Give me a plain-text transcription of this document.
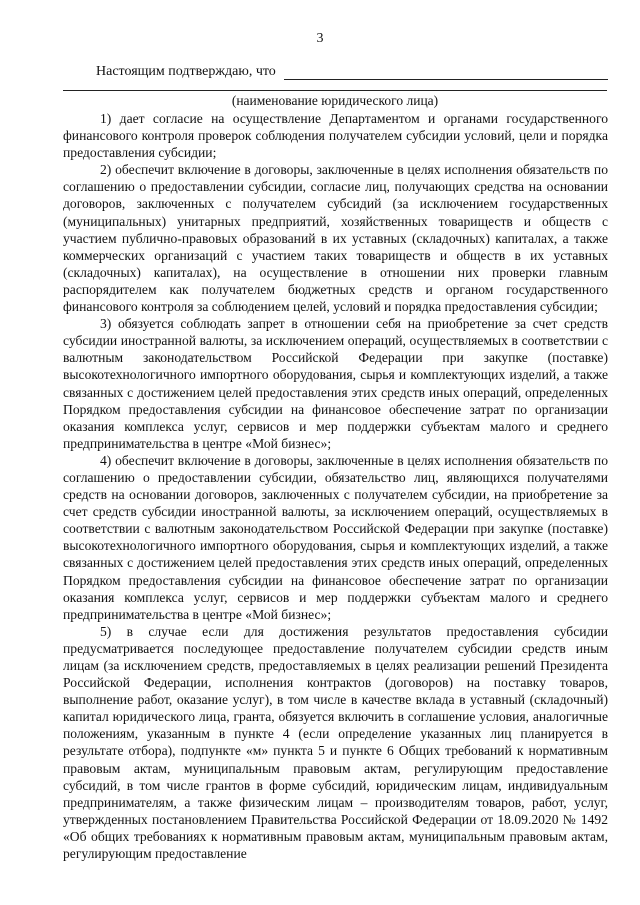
3
Настоящим подтверждаю, что
(наименование юридического лица)

1) дает согласие на осуществление Департаментом и органами государственного финансового контроля проверок соблюдения получателем субсидии условий, цели и порядка предоставления субсидии;

2) обеспечит включение в договоры, заключенные в целях исполнения обязательств по соглашению о предоставлении субсидии, согласие лиц, получающих средства на основании договоров, заключенных с получателем субсидий (за исключением государственных (муниципальных) унитарных предприятий, хозяйственных товариществ и обществ с участием публично-правовых образований в их уставных (складочных) капиталах, а также коммерческих организаций с участием таких товариществ и обществ в их уставных (складочных) капиталах), на осуществление в отношении них проверки главным распорядителем как получателем бюджетных средств и органом государственного финансового контроля за соблюдением целей, условий и порядка предоставления субсидии;

3) обязуется соблюдать запрет в отношении себя на приобретение за счет средств субсидии иностранной валюты, за исключением операций, осуществляемых в соответствии с валютным законодательством Российской Федерации при закупке (поставке) высокотехнологичного импортного оборудования, сырья и комплектующих изделий, а также связанных с достижением целей предоставления этих средств иных операций, определенных Порядком предоставления субсидии на финансовое обеспечение затрат по организации оказания комплекса услуг, сервисов и мер поддержки субъектам малого и среднего предпринимательства в центре «Мой бизнес»;

4) обеспечит включение в договоры, заключенные в целях исполнения обязательств по соглашению о предоставлении субсидии, обязательство лиц, являющихся получателями средств на основании договоров, заключенных с получателем субсидии, на приобретение за счет средств субсидии иностранной валюты, за исключением операций, осуществляемых в соответствии с валютным законодательством Российской Федерации при закупке (поставке) высокотехнологичного импортного оборудования, сырья и комплектующих изделий, а также связанных с достижением целей предоставления этих средств иных операций, определенных Порядком предоставления субсидии на финансовое обеспечение затрат по организации оказания комплекса услуг, сервисов и мер поддержки субъектам малого и среднего предпринимательства в центре «Мой бизнес»;

5) в случае если для достижения результатов предоставления субсидии предусматривается последующее предоставление получателем субсидии средств иным лицам (за исключением средств, предоставляемых в целях реализации решений Президента Российской Федерации, исполнения контрактов (договоров) на поставку товаров, выполнение работ, оказание услуг), в том числе в качестве вклада в уставный (складочный) капитал юридического лица, гранта, обязуется включить в соглашение условия, аналогичные положениям, указанным в пункте 4 (если определение указанных лиц планируется в результате отбора), подпункте «м» пункта 5 и пункте 6 Общих требований к нормативным правовым актам, муниципальным правовым актам, регулирующим предоставление субсидий, в том числе грантов в форме субсидий, юридическим лицам, индивидуальным предпринимателям, а также физическим лицам – производителям товаров, работ, услуг, утвержденных постановлением Правительства Российской Федерации от 18.09.2020 № 1492 «Об общих требованиях к нормативным правовым актам, муниципальным правовым актам, регулирующим предоставление
